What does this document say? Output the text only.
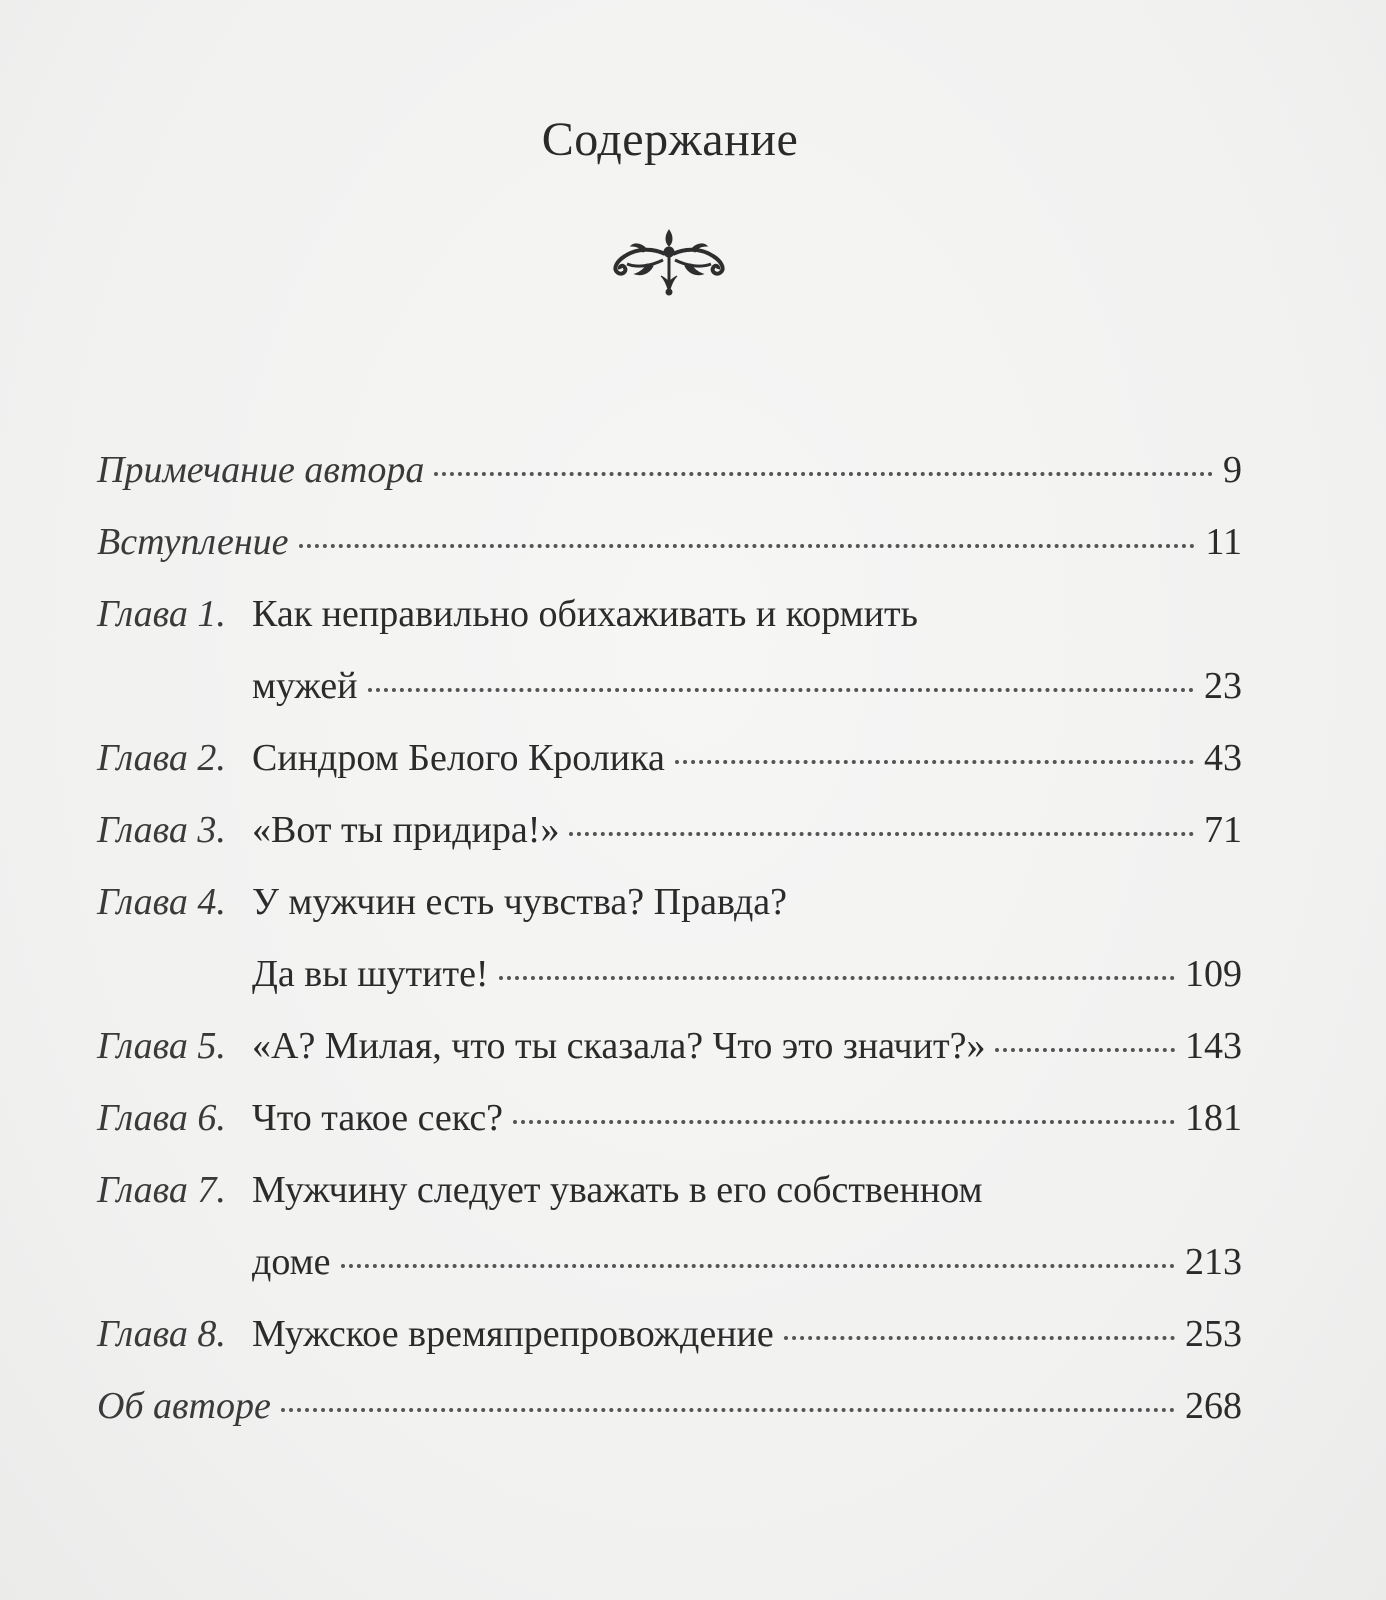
Содержание
Примечание автора	9
Вступление	11
Глава 1. Как неправильно обихаживать и кормить
мужей	23
Глава 2. Синдром Белого Кролика	43
Глава 3. «Вот ты придира!»	71
Глава 4. У мужчин есть чувства? Правда?
Да вы шутите!	109
Глава 5. «А? Милая, что ты сказала? Что это значит?»	143
Глава 6. Что такое секс?	181
Глава 7. Мужчину следует уважать в его собственном
доме	213
Глава 8. Мужское времяпрепровождение	253
Об авторе	268
